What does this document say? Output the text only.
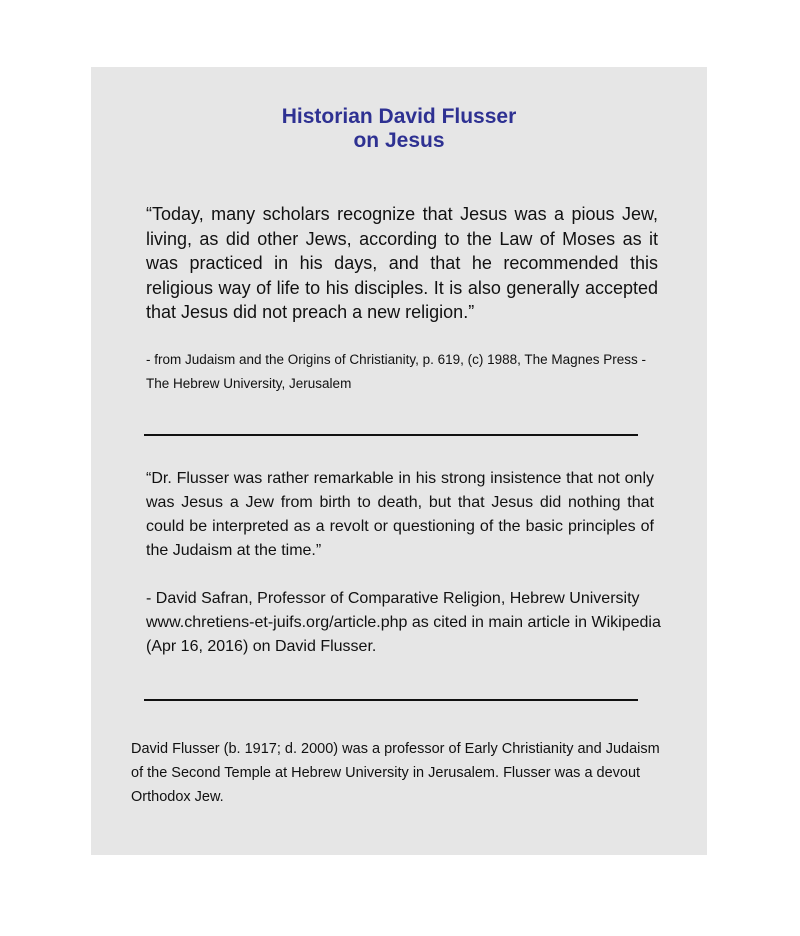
Historian David Flusser
on Jesus

“Today, many scholars recognize that Jesus was a pious Jew, living, as did other Jews, according to the Law of Moses as it was practiced in his days, and that he recommended this religious way of life to his disciples. It is also generally accepted that Jesus did not preach a new religion.”

- from Judaism and the Origins of Christianity, p. 619, (c) 1988, The Magnes Press - The Hebrew University, Jerusalem

“Dr. Flusser was rather remarkable in his strong insistence that not only was Jesus a Jew from birth to death, but that Jesus did nothing that could be interpreted as a revolt or questioning of the basic principles of the Judaism at the time.”

- David Safran, Professor of Comparative Religion, Hebrew University
www.chretiens-et-juifs.org/article.php as cited in main article in Wikipedia
(Apr 16, 2016) on David Flusser.

David Flusser (b. 1917; d. 2000) was a professor of Early Christianity and Judaism of the Second Temple at Hebrew University in Jerusalem. Flusser was a devout Orthodox Jew.
